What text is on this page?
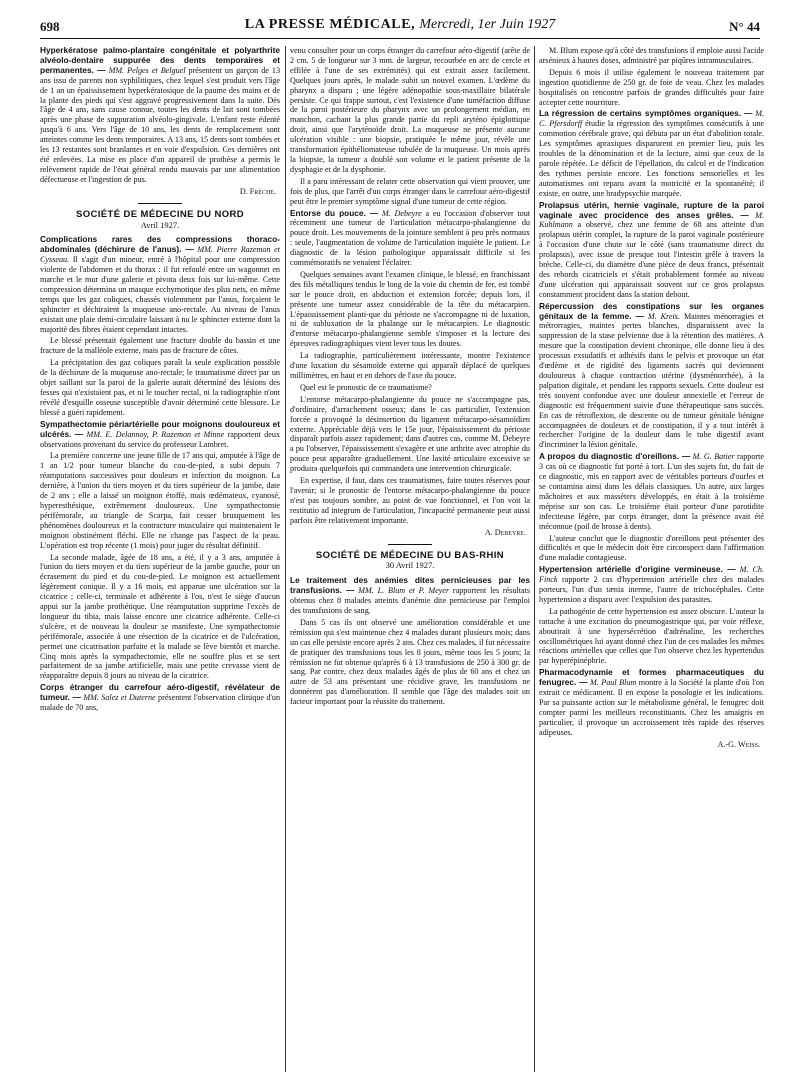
698	LA PRESSE MÉDICALE, Mercredi, 1er Juin 1927	N° 44

Hyperkératose palmo-plantaire congénitale et polyarthrite alvéolo-dentaire suppurée des dents temporaires et permanentes. — MM. Pelges et Belguel présentent un garçon de 13 ans issu de parents non syphilitiques, chez lequel s'est produit vers l'âge de 1 an un épaississement hyperkératosique de la paume des mains et de la plante des pieds qui s'est aggravé progressivement dans la suite. Dès l'âge de 4 ans, sans cause connue, toutes les dents de lait sont tombées après une phase de suppuration alvéolo-gingivale. L'enfant reste édenté jusqu'à 6 ans. Vers l'âge de 10 ans, les dents de remplacement sont atteintes comme les dents temporaires. A 13 ans, 15 dents sont tombées et les 13 restantes sont branlantes et en voie d'expulsion. Ces dernières ont été enlevées. La mise en place d'un appareil de prothèse a permis le relèvement rapide de l'état général rendu mauvais par une alimentation défectueuse et l'ingestion de pus.

D. Frèche.

SOCIÉTÉ DE MÉDECINE DU NORD
Avril 1927.

Complications rares des compressions thoraco-abdominales (déchirure de l'anus). — MM. Pierre Razemon et Cysseau. Il s'agit d'un mineur, entré à l'hôpital pour une compression violente de l'abdomen et du thorax : il fut refoulé entre un wagonnet en marche et le mur d'une galerie et pivota deux fois sur lui-même. Cette compression détermina un masque ecchymotique des plus nets, en même temps que les gaz coliques, chassés violemment par l'anus, forçaient le sphincter et déchiraient la muqueuse ano-rectale. Au niveau de l'anus existait une plaie demi-circulaire laissant à nu le sphincter externe dont la majorité des fibres étaient cependant intactes.

Le blessé présentait également une fracture double du bassin et une fracture de la malléole externe, mais pas de fracture de côtes.

La précipitation des gaz coliques paraît la seule explication possible de la déchirure de la muqueuse ano-rectale; le traumatisme direct par un objet saillant sur la paroi de la galerie aurait déterminé des lésions des fesses qui n'existaient pas, et ni le toucher rectal, ni la radiographie n'ont révélé d'esquille osseuse susceptible d'avoir déterminé cette blessure. Le blessé a guéri rapidement.

Sympathectomie périartérielle pour moignons douloureux et ulcérés. — MM. E. Delannoy, P. Razemon et Minne rapportent deux observations provenant du service du professeur Lambret.

La première concerne une jeune fille de 17 ans qui, amputée à l'âge de 1 an 1/2 pour tumeur blanche du cou-de-pied, a subi depuis 7 réamputations successives pour douleurs et infection du moignon. La dernière, à l'union du tiers moyen et du tiers supérieur de la jambe, date de 2 ans ; elle a laissé un moignon étoffé, mais œdémateux, cyanosé, hyperesthésique, extrêmement douloureux. Une sympathectomie périfémorale, au triangle de Scarpa, fait cesser brusquement les phénomènes douloureux et la contracture musculaire qui maintenaient le moignon obstinément fléchi. Elle ne change pas l'aspect de la peau. L'opération est trop récente (1 mois) pour juger du résultat définitif.

La seconde malade, âgée de 18 ans, a été, il y a 3 ans, amputée à l'union du tiers moyen et du tiers supérieur de la jambe gauche, pour un écrasement du pied et du cou-de-pied. Le moignon est actuellement légèrement conique. Il y a 16 mois, est apparue une ulcération sur la cicatrice ; celle-ci, terminale et adhérente à l'os, n'est le siège d'aucun appui sur la jambe prothétique. Une réamputation supprime l'excès de longueur du tibia, mais laisse encore une cicatrice adhérente. Celle-ci s'ulcère, et de nouveau la douleur se manifeste. Une sympathectomie périfémorale, associée à une résection de la cicatrice et de l'ulcération, permet une cicatrisation parfaite et la malade se lève bientôt et marche. Cinq mois après la sympathectomie, elle ne souffre plus et se sert parfaitement de sa jambe artificielle, mais une petite crevasse vient de réapparaître depuis 8 jours au niveau de la cicatrice.

Corps étranger du carrefour aéro-digestif, révélateur de tumeur. — MM. Salez et Duterne présentent l'observation clinique d'un malade de 70 ans,

venu consulter pour un corps étranger du carrefour aéro-digestif (arête de 2 cm. 5 de longueur sur 3 mm. de largeur, recourbée en arc de cercle et effilée à l'une de ses extrémités) qui est extrait assez facilement. Quelques jours après, le malade subit un nouvel examen. L'œdème du pharynx a disparu ; une légère adénopathie sous-maxillaire bilatérale persiste. Ce qui frappe surtout, c'est l'existence d'une tuméfaction diffuse de la paroi postérieure du pharynx avec un prolongement médian, en manchon, cachant la plus grande partie du repli aryténo épiglottique droit, ainsi que l'aryténoïde droit. La muqueuse ne présente aucune ulcération visible : une biopsie, pratiquée le même jour, révèle une transformation épithéliomateuse tubulée de la muqueuse. Un mois après la biopsie, la tumeur a doublé son volume et le patient présente de la dysphagie et de la dysphonie.

Il a paru intéressant de relater cette observation qui vient prouver, une fois de plus, que l'arrêt d'un corps étranger dans le carrefour aéro-digestif peut être le premier symptôme signal d'une tumeur de cette région.

Entorse du pouce. — M. Debeyre a eu l'occasion d'observer tout récemment une tumeur de l'articulation métacarpo-phalangienne du pouce droit. Les mouvements de la jointure semblent à peu près normaux : seule, l'augmentation de volume de l'articulation inquiète le patient. Le diagnostic de la lésion pathologique apparaissait difficile si les commémoratifs ne venaient l'éclairer.

Quelques semaines avant l'examen clinique, le blessé, en franchissant des fils métalliques tendus le long de la voie du chemin de fer, est tombé sur le pouce droit, en abduction et extension forcée; depuis lors, il présente une tumeur assez considérable de la tête du métacarpien. L'épaississement planti-que du périoste ne s'accompagne ni de luxation, ni de subluxation de la phalange sur le métacarpien. Le diagnostic d'entorse métacarpo-phalangienne semble s'imposer et la lecture des épreuves radiographiques vient lever tous les doutes.

La radiographie, particulièrement intéressante, montre l'existence d'une luxation du sésamoïde externe qui apparaît déplacé de quelques millimètres, en haut et en dehors de l'axe du pouce.

Quel est le pronostic de ce traumatisme?

L'entorse métacarpo-phalangienne du pouce ne s'accompagne pas, d'ordinaire, d'arrachement osseux; dans le cas particulier, l'extension forcée a provoqué la désinsertion du ligament métacarpo-sésamoïdien externe. Appréciable déjà vers le 15e jour, l'épaississement du périoste disparaît parfois assez rapidement; dans d'autres cas, comme M. Debeyre a pu l'observer, l'épaississement s'exagère et une arthrite avec atrophie du pouce peut apparaître graduellement. Une laxité articulaire excessive se produira quelquefois qui commandera une intervention chirurgicale.

En expertise, il faut, dans ces traumatismes, faire toutes réserves pour l'avenir; si le pronostic de l'entorse métacarpo-phalangienne du pouce n'est pas toujours sombre, au point de vue fonctionnel, et l'on voit la restitutio ad integrum de l'articulation, l'incapacité permanente peut aussi parfois être relativement importante.

A. Debeyre.

SOCIÉTÉ DE MÉDECINE DU BAS-RHIN
30 Avril 1927.

Le traitement des anémies dites pernicieuses par les transfusions. — MM. L. Blum et P. Meyer rapportent les résultats obtenus chez 8 malades atteints d'anémie dite pernicieuse par l'emploi des transfusions de sang.

Dans 5 cas ils ont observé une amélioration considérable et une rémission qui s'est maintenue chez 4 malades durant plusieurs mois; dans un cas elle persiste encore après 2 ans. Chez ces malades, il fut nécessaire de pratiquer des transfusions tous les 8 jours, même tous les 5 jours; la rémission ne fut obtenue qu'après 6 à 13 transfusions de 250 à 300 gr. de sang. Par contre, chez deux malades âgés de plus de 60 ans et chez un autre de 53 ans présentant une récidive grave, les transfusions ne donnèrent pas d'amélioration. Il semble que l'âge des malades soit un facteur important pour la réussite du traitement.

M. Blum expose qu'à côté des transfusions il emploie aussi l'acide arsénieux à hautes doses, administré par piqûres intramusculaires.

Depuis 6 mois il utilise également le nouveau traitement par ingestion quotidienne de 250 gr. de foie de veau. Chez les malades hospitalisés on rencontre parfois de grandes difficultés pour faire accepter cette nourriture.

La régression de certains symptômes organiques. — M. C. Pfersdorff étudie la régression des symptômes consécutifs à une commotion cérébrale grave, qui débuta par un état d'abolition totale. Les symptômes apraxiques disparurent en premier lieu, puis les troubles de la dénomination et de la lecture, ainsi que ceux de la parole répétée. Le déficit de l'épellation, du calcul et de l'indication des rythmes persiste encore. Les fonctions sensorielles et les automatismes ont reparu avant la motricité et la spontanéité; il existe, en outre, une bradypsychie marquée.

Prolapsus utérin, hernie vaginale, rupture de la paroi vaginale avec procidence des anses grêles. — M. Kuhlmann a observé, chez une femme de 68 ans atteinte d'un prolapsus utérin complet, la rupture de la paroi vaginale postérieure à l'occasion d'une chute sur le côté (sans traumatisme direct du prolapsus), avec issue de presque tout l'intestin grêle à travers la brèche. Celle-ci, du diamètre d'une pièce de deux francs, présentait des rebords cicatriciels et s'était probablement formée au niveau d'une ulcération qui apparaissait souvent sur ce gros prolapsus constamment procident dans la station debout.

Répercussion des constipations sur les organes génitaux de la femme. — M. Kreis. Maintes ménorragies et métrorragies, maintes pertes blanches, disparaissent avec la suppression de la stase pelvienne due à la rétention des matières. A mesure que la constipation devient chronique, elle donne lieu à des processus exsudatifs et adhésifs dans le pelvis et provoque un état d'œdème et de rigidité des ligaments sacrés qui deviennent douloureux à chaque contraction utérine (dysménorrhée), à la palpation digitale, et pendant les rapports sexuels. Cette douleur est très souvent confondue avec une douleur annexielle et l'erreur de diagnostic est fréquemment suivie d'une thérapeutique sans succès. En cas de rétroflexion, de descente ou de tumeur génitale bénigne accompagnées de douleurs et de constipation, il y a tout intérêt à rechercher l'origine de la douleur dans le tube digestif avant d'incriminer la lésion génitale.

A propos du diagnostic d'oreillons. — M. G. Batier rapporte 3 cas où ce diagnostic fut porté à tort. L'un des sujets fut, du fait de ce diagnostic, mis en rapport avec de véritables porteurs d'ourles et se contamina ainsi dans les délais classiques. Un autre, aux larges mâchoires et aux masséters développés, en était à la troisième méprise sur son cas. Le troisième était porteur d'une parotidite infectieuse légère, par corps étranger, dont la présence avait été méconnue (poil de brosse à dents).

L'auteur conclut que le diagnostic d'oreillons peut présenter des difficultés et que le médecin doit être circonspect dans l'affirmation d'une maladie contagieuse.

Hypertension artérielle d'origine vermineuse. — M. Ch. Finck rapporte 2 cas d'hypertension artérielle chez des malades porteurs, l'un d'un tænia inerme, l'autre de trichocéphales. Cette hypertension a disparu avec l'expulsion des parasites.

La pathogénie de cette hypertension est assez obscure. L'auteur la rattache à une excitation du pneumogastrique qui, par voie réflexe, aboutirait à une hypersécrétion d'adrénaline, les recherches oscillométriques lui ayant donné chez l'un de ces malades les mêmes réactions artérielles que celles que l'on observe chez les hypertendus par hyperépinéphrie.

Pharmacodynamie et formes pharmaceutiques du fenugrec. — M. Paul Blum montre à la Société la plante d'où l'on extrait ce médicament. Il en expose la posologie et les indications. Par sa puissante action sur le métabolisme général, le fenugrec doit compter parmi les meilleurs reconstituants. Chez les amaigris en particulier, il provoque un accroissement très rapide des réserves adipeuses.

A.-G. Weiss.
